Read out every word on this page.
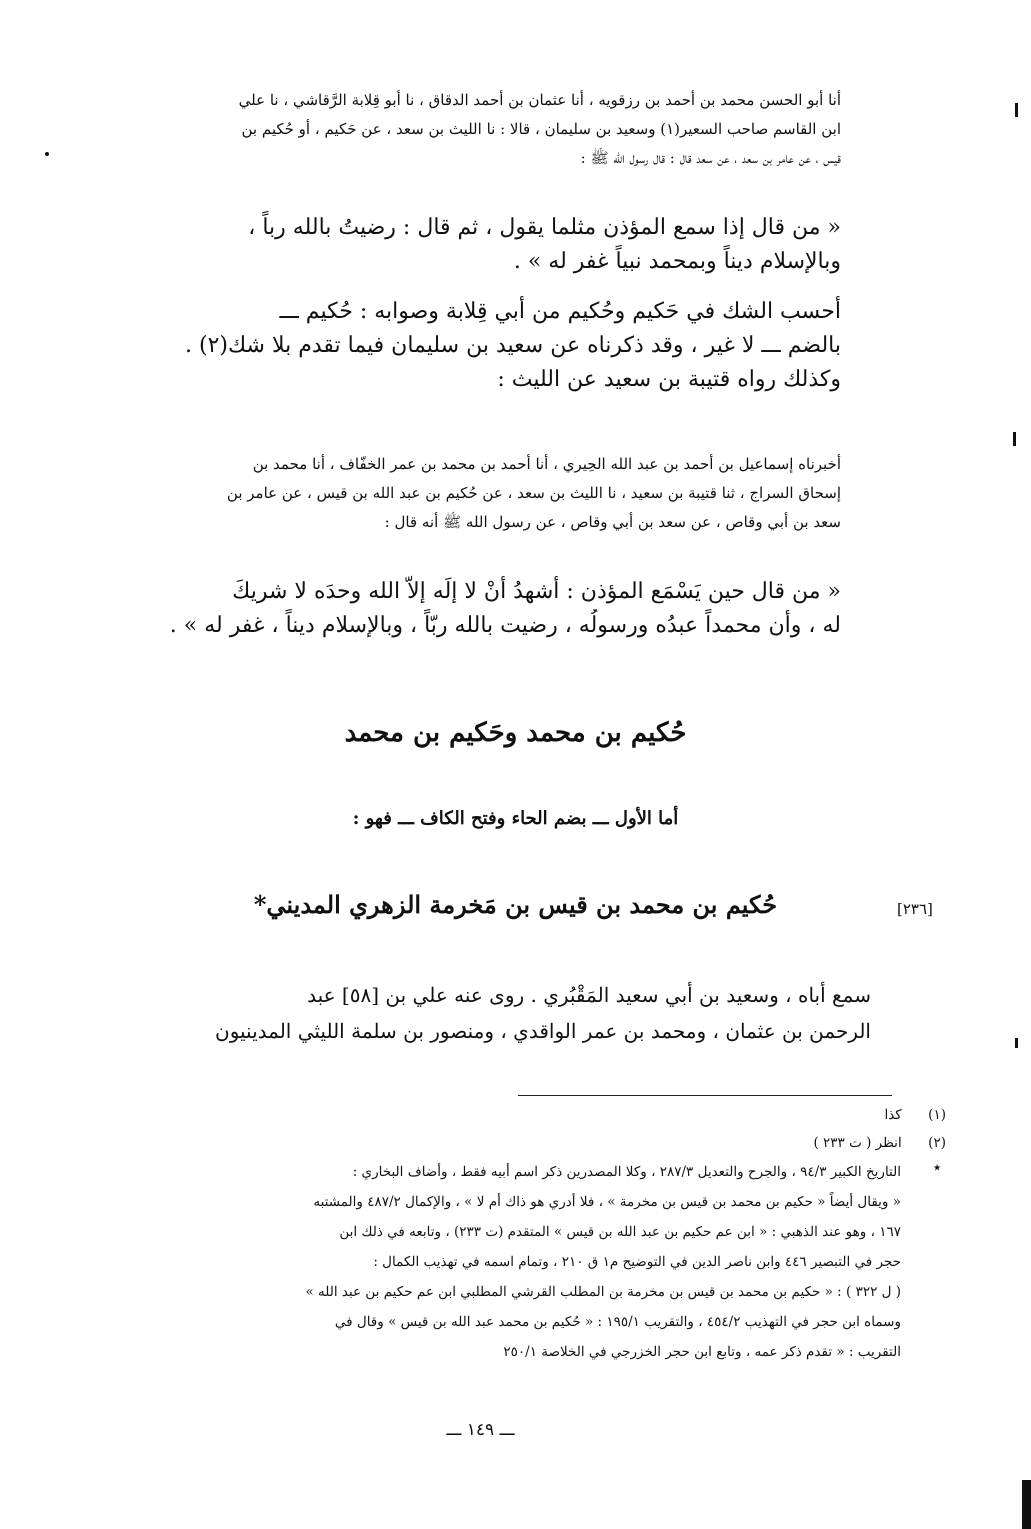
أنا أبو الحسن محمد بن أحمد بن رزقويه ، أنا عثمان بن أحمد الدقاق ، نا أبو قِلابة الرَّقاشي ، نا علي
ابن القاسم صاحب السعير(١) وسعيد بن سليمان ، قالا : نا الليث بن سعد ، عن حَكيم ، أو حُكيم بن
قيس ، عن عامر بن سعد ، عن سعد قال : قال رسول الله ﷺ :
« من قال إذا سمع المؤذن مثلما يقول ، ثم قال : رضيتُ بالله رباً ،
وبالإسلام ديناً وبمحمد نبياً غفر له » .
أحسب الشك في حَكيم وحُكيم من أبي قِلابة وصوابه : حُكيم ـــ
بالضم ـــ لا غير ، وقد ذكرناه عن سعيد بن سليمان فيما تقدم بلا شك(٢) .
وكذلك رواه قتيبة بن سعيد عن الليث :
أخبرناه إسماعيل بن أحمد بن عبد الله الحِيري ، أنا أحمد بن محمد بن عمر الخفّاف ، أنا محمد بن
إسحاق السراج ، ثنا قتيبة بن سعيد ، نا الليث بن سعد ، عن حُكيم بن عبد الله بن قيس ، عن عامر بن
سعد بن أبي وقاص ، عن سعد بن أبي وقاص ، عن رسول الله ﷺ أنه قال :
« من قال حين يَسْمَع المؤذن : أشهدُ أنْ لا إلَه إلاّ الله وحدَه لا شريكَ
له ، وأن محمداً عبدُه ورسولُه ، رضيت بالله ربّاً ، وبالإسلام ديناً ، غفر له » .
حُكيم بن محمد وحَكيم بن محمد
أما الأول ـــ بضم الحاء وفتح الكاف ـــ فهو :
[٢٣٦]
حُكيم بن محمد بن قيس بن مَخرمة الزهري المديني*
سمع أباه ، وسعيد بن أبي سعيد المَقْبُري . روى عنه علي بن [٥٨] عبد
الرحمن بن عثمان ، ومحمد بن عمر الواقدي ، ومنصور بن سلمة الليثي المدينيون
(١) كذا
(٢) انظر ( ت ٢٣٣ )
٭
التاريخ الكبير ٩٤/٣ ، والجرح والتعديل ٢٨٧/٣ ، وكلا المصدرين ذكر اسم أبيه فقط ، وأضاف البخاري :
« ويقال أيضاً « حكيم بن محمد بن قيس بن مخرمة » ، فلا أدري هو ذاك أم لا » ، والإكمال ٤٨٧/٢ والمشتبه
١٦٧ ، وهو عند الذهبي : « ابن عم حكيم بن عبد الله بن قيس » المتقدم (ت ٢٣٣) ، وتابعه في ذلك ابن
حجر في التبصير ٤٤٦ وابن ناصر الدين في التوضيح م١ ق ٢١٠ ، وتمام اسمه في تهذيب الكمال :
( ل ٣٢٢ ) : « حكيم بن محمد بن قيس بن مخرمة بن المطلب القرشي المطلبي ابن عم حكيم بن عبد الله »
وسماه ابن حجر في التهذيب ٤٥٤/٢ ، والتقريب ١٩٥/١ : « حُكيم بن محمد عبد الله بن قيس » وقال في
التقريب : « تقدم ذكر عمه ، وتابع ابن حجر الخزرجي في الخلاصة ٢٥٠/١
ـــ ١٤٩ ـــ
